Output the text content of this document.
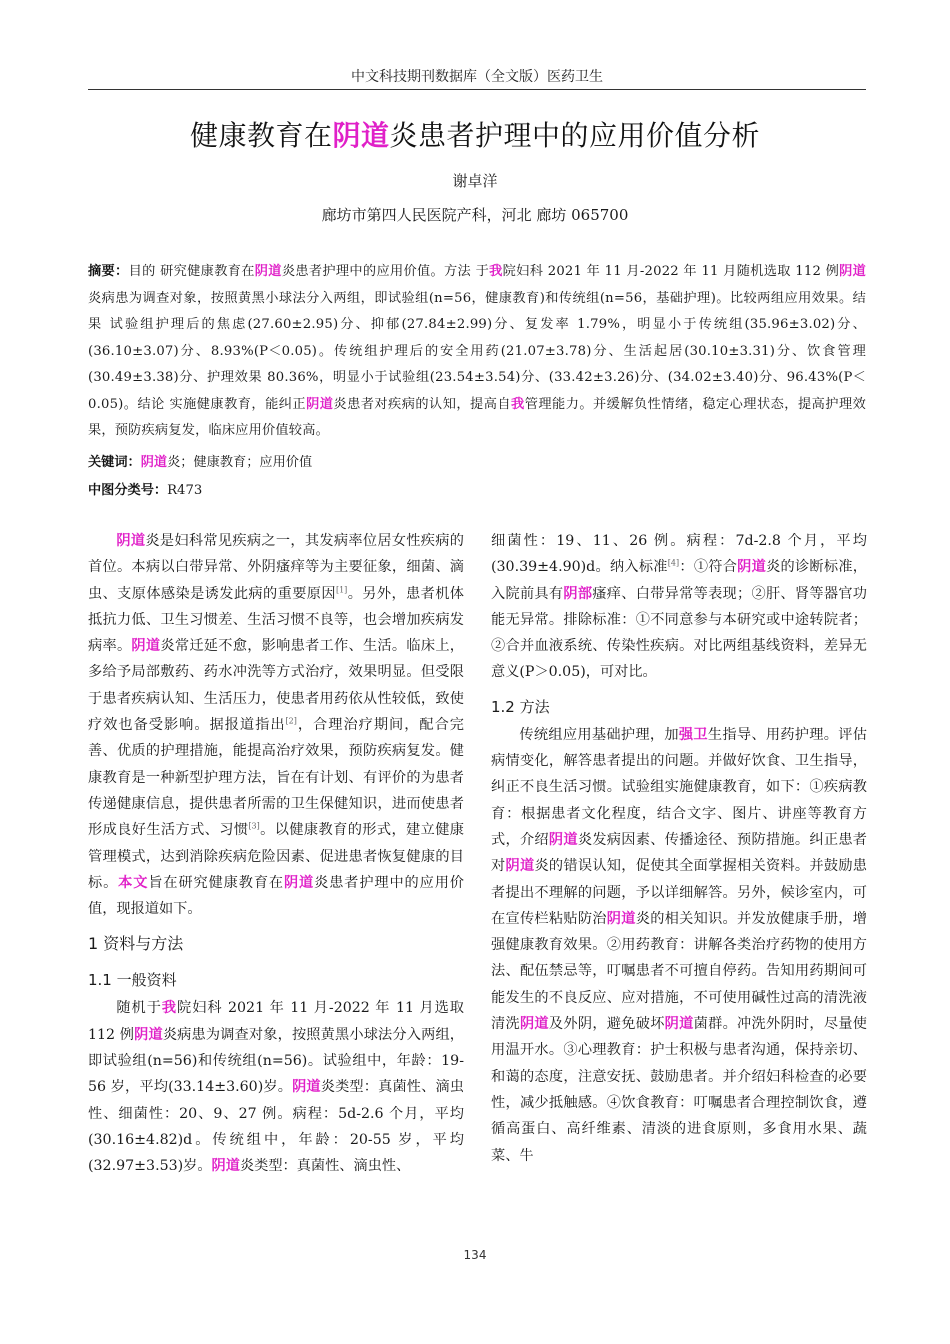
中文科技期刊数据库（全文版）医药卫生
健康教育在阴道炎患者护理中的应用价值分析
谢卓洋
廊坊市第四人民医院产科，河北 廊坊 065700
摘要：目的 研究健康教育在阴道炎患者护理中的应用价值。方法 于我院妇科 2021 年 11 月-2022 年 11 月随机选取 112 例阴道炎病患为调查对象，按照黄黑小球法分入两组，即试验组(n=56，健康教育)和传统组(n=56，基础护理)。比较两组应用效果。结果 试验组护理后的焦虑(27.60±2.95)分、抑郁(27.84±2.99)分、复发率 1.79%，明显小于传统组(35.96±3.02)分、(36.10±3.07)分、8.93%(P＜0.05)。传统组护理后的安全用药(21.07±3.78)分、生活起居(30.10±3.31)分、饮食管理(30.49±3.38)分、护理效果 80.36%，明显小于试验组(23.54±3.54)分、(33.42±3.26)分、(34.02±3.40)分、96.43%(P＜0.05)。结论 实施健康教育，能纠正阴道炎患者对疾病的认知，提高自我管理能力。并缓解负性情绪，稳定心理状态，提高护理效果，预防疾病复发，临床应用价值较高。
关键词：阴道炎；健康教育；应用价值
中图分类号：R473

阴道炎是妇科常见疾病之一，其发病率位居女性疾病的首位。本病以白带异常、外阴瘙痒等为主要征象，细菌、滴虫、支原体感染是诱发此病的重要原因[1]。另外，患者机体抵抗力低、卫生习惯差、生活习惯不良等，也会增加疾病发病率。阴道炎常迁延不愈，影响患者工作、生活。临床上，多给予局部敷药、药水冲洗等方式治疗，效果明显。但受限于患者疾病认知、生活压力，使患者用药依从性较低，致使疗效也备受影响。据报道指出[2]，合理治疗期间，配合完善、优质的护理措施，能提高治疗效果，预防疾病复发。健康教育是一种新型护理方法，旨在有计划、有评价的为患者传递健康信息，提供患者所需的卫生保健知识，进而使患者形成良好生活方式、习惯[3]。以健康教育的形式，建立健康管理模式，达到消除疾病危险因素、促进患者恢复健康的目标。本文旨在研究健康教育在阴道炎患者护理中的应用价值，现报道如下。

1 资料与方法
1.1 一般资料

随机于我院妇科 2021 年 11 月-2022 年 11 月选取 112 例阴道炎病患为调查对象，按照黄黑小球法分入两组，即试验组(n=56)和传统组(n=56)。试验组中，年龄：19-56 岁，平均(33.14±3.60)岁。阴道炎类型：真菌性、滴虫性、细菌性：20、9、27 例。病程：5d-2.6 个月，平均(30.16±4.82)d。传统组中，年龄：20-55 岁，平均(32.97±3.53)岁。阴道炎类型：真菌性、滴虫性、

细菌性：19、11、26 例。病程：7d-2.8 个月，平均(30.39±4.90)d。纳入标准[4]：①符合阴道炎的诊断标准，入院前具有阴部瘙痒、白带异常等表现；②肝、肾等器官功能无异常。排除标准：①不同意参与本研究或中途转院者；②合并血液系统、传染性疾病。对比两组基线资料，差异无意义(P＞0.05)，可对比。

1.2 方法

传统组应用基础护理，加强卫生指导、用药护理。评估病情变化，解答患者提出的问题。并做好饮食、卫生指导，纠正不良生活习惯。试验组实施健康教育，如下：①疾病教育：根据患者文化程度，结合文字、图片、讲座等教育方式，介绍阴道炎发病因素、传播途径、预防措施。纠正患者对阴道炎的错误认知，促使其全面掌握相关资料。并鼓励患者提出不理解的问题，予以详细解答。另外，候诊室内，可在宣传栏粘贴防治阴道炎的相关知识。并发放健康手册，增强健康教育效果。②用药教育：讲解各类治疗药物的使用方法、配伍禁忌等，叮嘱患者不可擅自停药。告知用药期间可能发生的不良反应、应对措施，不可使用碱性过高的清洗液清洗阴道及外阴，避免破坏阴道菌群。冲洗外阴时，尽量使用温开水。③心理教育：护士积极与患者沟通，保持亲切、和蔼的态度，注意安抚、鼓励患者。并介绍妇科检查的必要性，减少抵触感。④饮食教育：叮嘱患者合理控制饮食，遵循高蛋白、高纤维素、清淡的进食原则，多食用水果、蔬菜、牛

134
